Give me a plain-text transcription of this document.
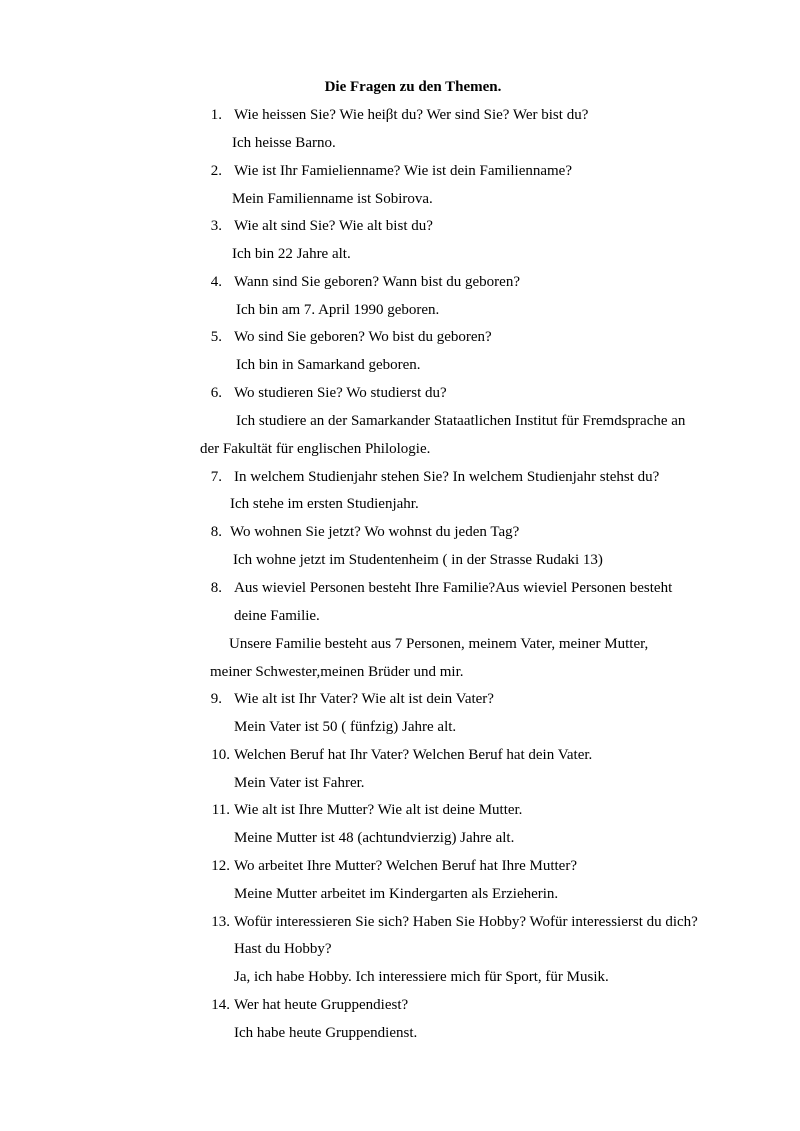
Die Fragen zu den Themen.
1. Wie heissen Sie? Wie heiβt du? Wer sind Sie? Wer bist du?
Ich heisse Barno.
2. Wie ist Ihr Famielienname? Wie ist dein Familienname?
Mein Familienname ist Sobirova.
3. Wie alt sind Sie? Wie alt bist du?
Ich bin 22 Jahre alt.
4. Wann sind Sie geboren? Wann bist du geboren?
Ich bin am 7. April 1990 geboren.
5. Wo sind Sie geboren? Wo bist du geboren?
Ich bin in Samarkand geboren.
6. Wo studieren Sie? Wo studierst du?
Ich studiere an der Samarkander Stataatlichen Institut für Fremdsprache an
der Fakultät für englischen Philologie.
7. In welchem Studienjahr stehen Sie? In welchem Studienjahr stehst du?
Ich stehe im ersten Studienjahr.
8. Wo wohnen Sie jetzt? Wo wohnst du jeden Tag?
Ich wohne jetzt im Studentenheim ( in der Strasse Rudaki 13)
8. Aus wieviel Personen besteht Ihre Familie?Aus wieviel Personen besteht
deine Familie.
Unsere Familie besteht aus 7 Personen, meinem Vater, meiner Mutter,
meiner Schwester,meinen Brüder und mir.
9. Wie alt ist Ihr Vater? Wie alt ist dein Vater?
Mein Vater ist 50 ( fünfzig) Jahre alt.
10. Welchen Beruf hat Ihr Vater? Welchen Beruf hat dein Vater.
Mein Vater ist Fahrer.
11. Wie alt ist Ihre Mutter? Wie alt ist deine Mutter.
Meine Mutter ist 48 (achtundvierzig) Jahre alt.
12. Wo arbeitet Ihre Mutter? Welchen Beruf hat Ihre Mutter?
Meine Mutter arbeitet im Kindergarten als Erzieherin.
13. Wofür interessieren Sie sich? Haben Sie Hobby? Wofür interessierst du dich?
Hast du Hobby?
Ja, ich habe Hobby. Ich interessiere mich für Sport, für Musik.
14. Wer hat heute Gruppendiest?
Ich habe heute Gruppendienst.
